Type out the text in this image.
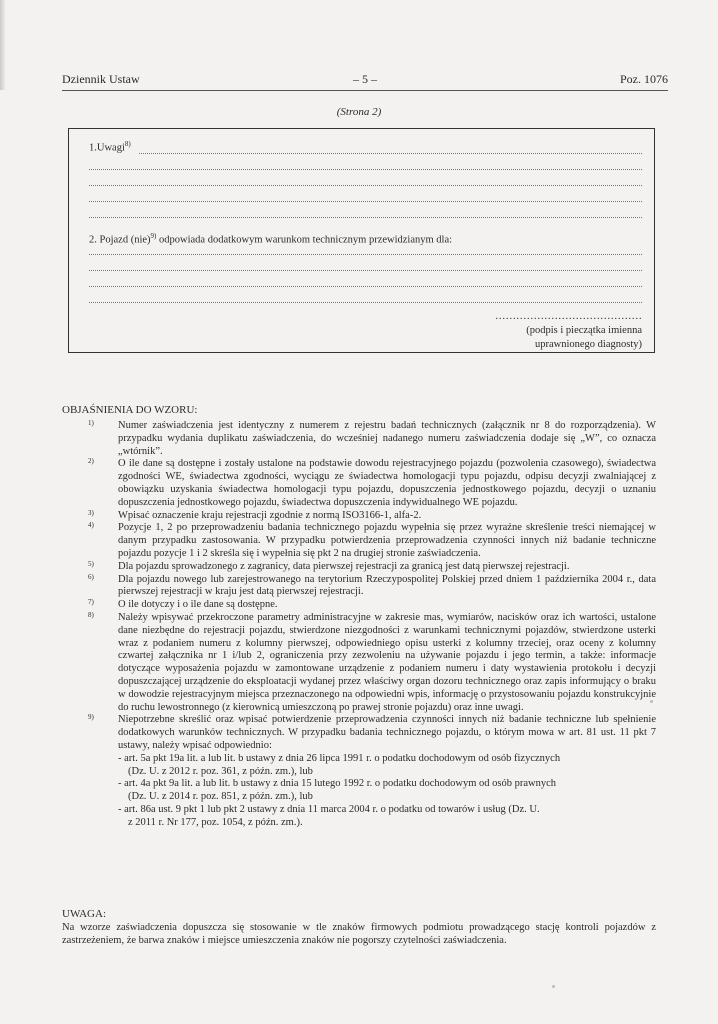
Dziennik Ustaw	– 5 –	Poz. 1076
(Strona 2)
1.Uwagi$^{8)}$
2. Pojazd (nie)$^{9)}$ odpowiada dodatkowym warunkom technicznym przewidzianym dla:
……………………………………
(podpis i pieczątka imienna
uprawnionego diagnosty)
OBJAŚNIENIA DO WZORU:
1) Numer zaświadczenia jest identyczny z numerem z rejestru badań technicznych (załącznik nr 8 do rozporządzenia). W przypadku wydania duplikatu zaświadczenia, do wcześniej nadanego numeru zaświadczenia dodaje się „W”, co oznacza „wtórnik”.
2) O ile dane są dostępne i zostały ustalone na podstawie dowodu rejestracyjnego pojazdu (pozwolenia czasowego), świadectwa zgodności WE, świadectwa zgodności, wyciągu ze świadectwa homologacji typu pojazdu, odpisu decyzji zwalniającej z obowiązku uzyskania świadectwa homologacji typu pojazdu, dopuszczenia jednostkowego pojazdu, decyzji o uznaniu dopuszczenia jednostkowego pojazdu, świadectwa dopuszczenia indywidualnego WE pojazdu.
3) Wpisać oznaczenie kraju rejestracji zgodnie z normą ISO3166-1, alfa-2.
4) Pozycje 1, 2 po przeprowadzeniu badania technicznego pojazdu wypełnia się przez wyraźne skreślenie treści niemającej w danym przypadku zastosowania. W przypadku potwierdzenia przeprowadzenia czynności innych niż badanie techniczne pojazdu pozycje 1 i 2 skreśla się i wypełnia się pkt 2 na drugiej stronie zaświadczenia.
5) Dla pojazdu sprowadzonego z zagranicy, data pierwszej rejestracji za granicą jest datą pierwszej rejestracji.
6) Dla pojazdu nowego lub zarejestrowanego na terytorium Rzeczypospolitej Polskiej przed dniem 1 października 2004 r., data pierwszej rejestracji w kraju jest datą pierwszej rejestracji.
7) O ile dotyczy i o ile dane są dostępne.
8) Należy wpisywać przekroczone parametry administracyjne w zakresie mas, wymiarów, nacisków oraz ich wartości, ustalone dane niezbędne do rejestracji pojazdu, stwierdzone niezgodności z warunkami technicznymi pojazdów, stwierdzone usterki wraz z podaniem numeru z kolumny pierwszej, odpowiedniego opisu usterki z kolumny trzeciej, oraz oceny z kolumny czwartej załącznika nr 1 i/lub 2, ograniczenia przy zezwoleniu na używanie pojazdu i jego termin, a także: informacje dotyczące wyposażenia pojazdu w zamontowane urządzenie z podaniem numeru i daty wystawienia protokołu i decyzji dopuszczającej urządzenie do eksploatacji wydanej przez właściwy organ dozoru technicznego oraz zapis informujący o braku w dowodzie rejestracyjnym miejsca przeznaczonego na odpowiedni wpis, informację o przystosowaniu pojazdu konstrukcyjnie do ruchu lewostronnego (z kierownicą umieszczoną po prawej stronie pojazdu) oraz inne uwagi.
9) Niepotrzebne skreślić oraz wpisać potwierdzenie przeprowadzenia czynności innych niż badanie techniczne lub spełnienie dodatkowych warunków technicznych. W przypadku badania technicznego pojazdu, o którym mowa w art. 81 ust. 11 pkt 7 ustawy, należy wpisać odpowiednio:
- art. 5a pkt 19a lit. a lub lit. b ustawy z dnia 26 lipca 1991 r. o podatku dochodowym od osób fizycznych
(Dz. U. z 2012 r. poz. 361, z późn. zm.), lub
- art. 4a pkt 9a lit. a lub lit. b ustawy z dnia 15 lutego 1992 r. o podatku dochodowym od osób prawnych
(Dz. U. z 2014 r. poz. 851, z późn. zm.), lub
- art. 86a ust. 9 pkt 1 lub pkt 2 ustawy z dnia 11 marca 2004 r. o podatku od towarów i usług (Dz. U.
z 2011 r. Nr 177, poz. 1054, z późn. zm.).
UWAGA:
Na wzorze zaświadczenia dopuszcza się stosowanie w tle znaków firmowych podmiotu prowadzącego stację kontroli pojazdów z zastrzeżeniem, że barwa znaków i miejsce umieszczenia znaków nie pogorszy czytelności zaświadczenia.
